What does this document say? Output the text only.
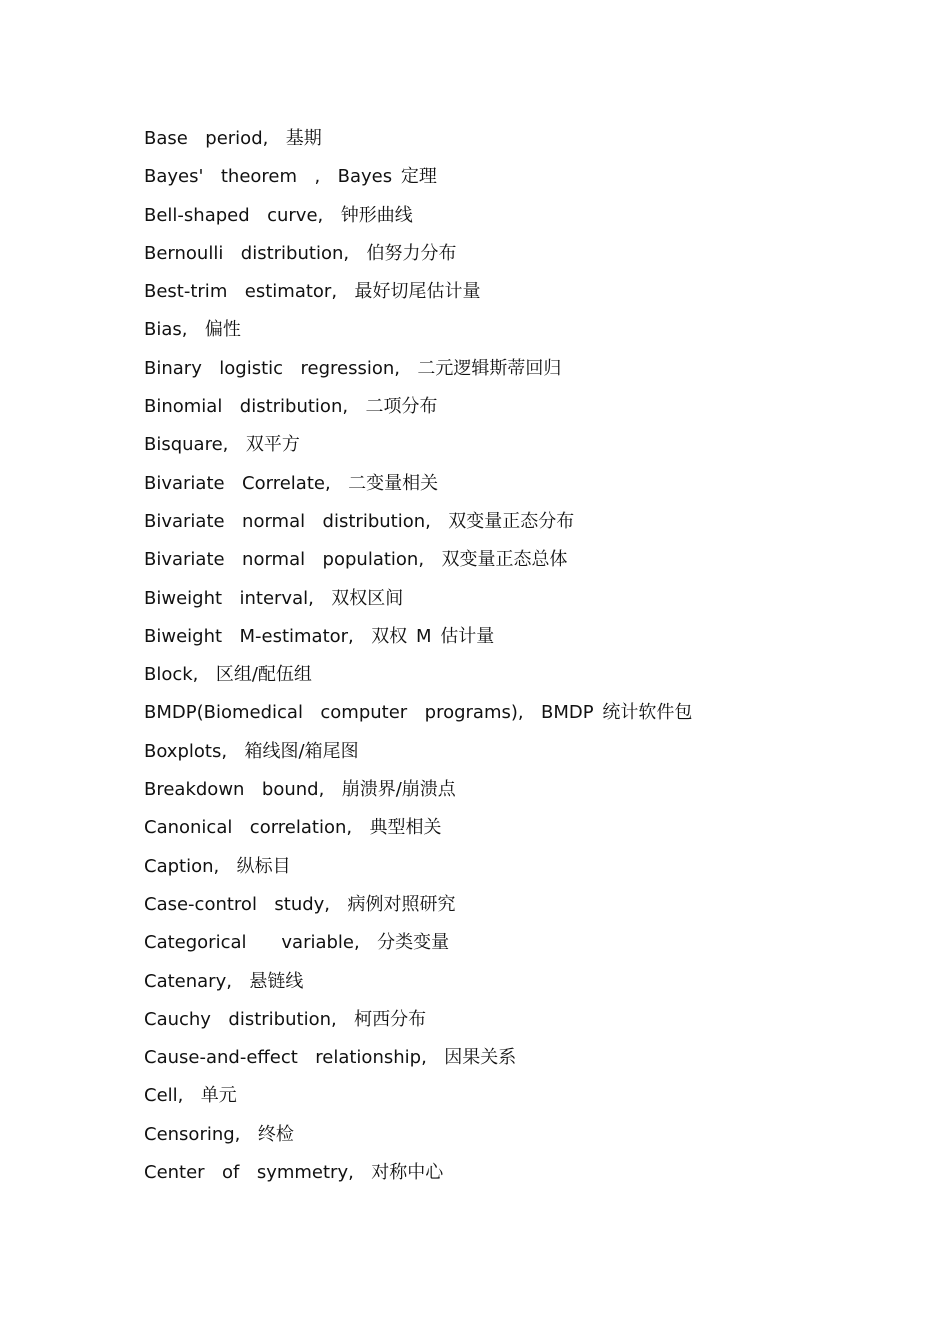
Base  period,  基期
Bayes'  theorem  ,  Bayes 定理
Bell-shaped  curve,  钟形曲线
Bernoulli  distribution,  伯努力分布
Best-trim  estimator,  最好切尾估计量
Bias,  偏性
Binary  logistic  regression,  二元逻辑斯蒂回归
Binomial  distribution,  二项分布
Bisquare,  双平方
Bivariate  Correlate,  二变量相关
Bivariate  normal  distribution,  双变量正态分布
Bivariate  normal  population,  双变量正态总体
Biweight  interval,  双权区间
Biweight  M-estimator,  双权 M 估计量
Block,  区组/配伍组
BMDP(Biomedical  computer  programs),  BMDP 统计软件包
Boxplots,  箱线图/箱尾图
Breakdown  bound,  崩溃界/崩溃点
Canonical  correlation,  典型相关
Caption,  纵标目
Case-control  study,  病例对照研究
Categorical    variable,  分类变量
Catenary,  悬链线
Cauchy  distribution,  柯西分布
Cause-and-effect  relationship,  因果关系
Cell,  单元
Censoring,  终检
Center  of  symmetry,  对称中心
